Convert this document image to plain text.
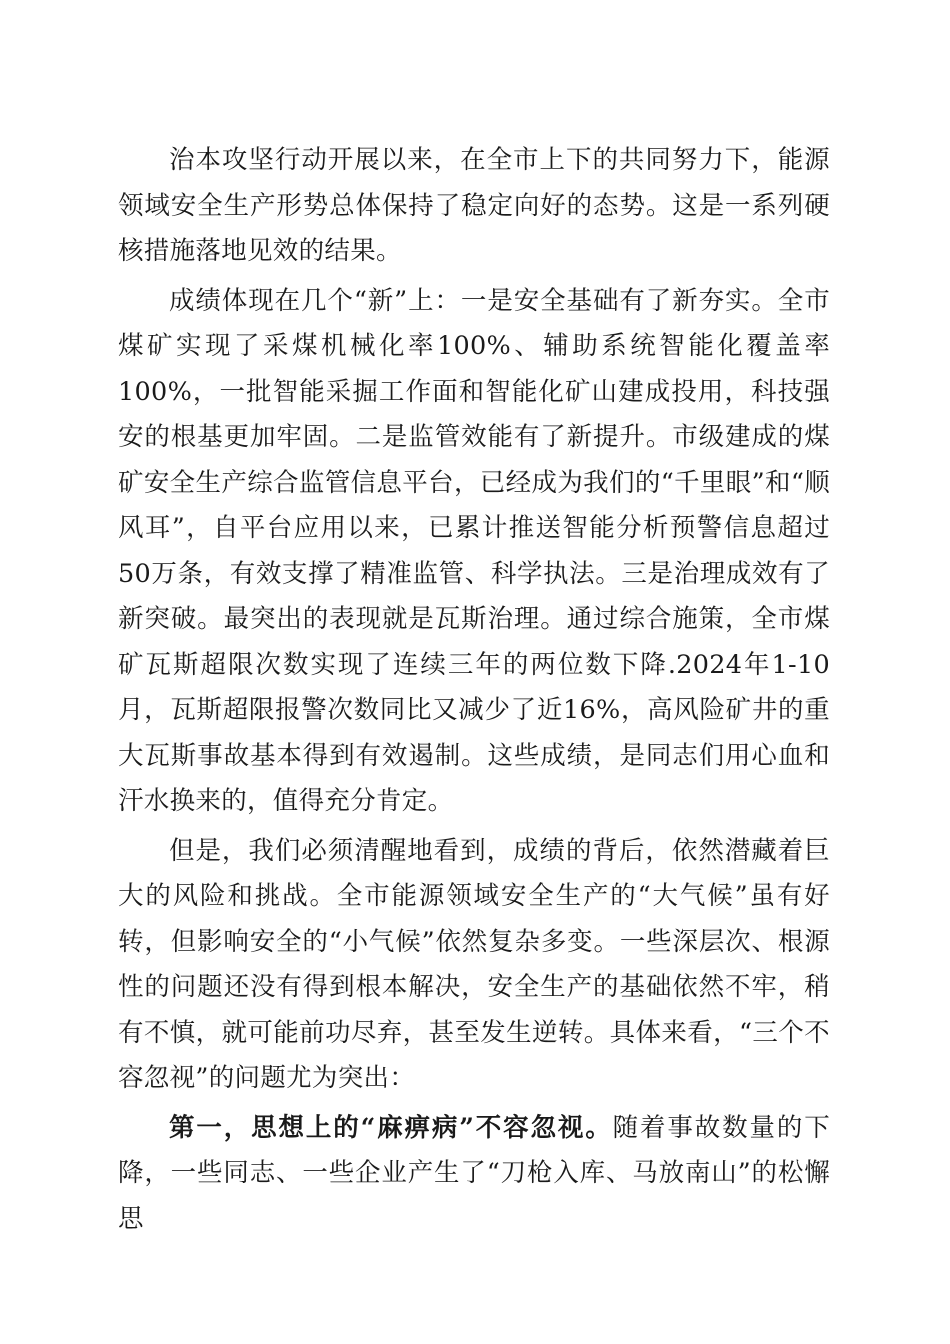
治本攻坚行动开展以来，在全市上下的共同努力下，能源领域安全生产形势总体保持了稳定向好的态势。这是一系列硬核措施落地见效的结果。

成绩体现在几个“新”上：一是安全基础有了新夯实。全市煤矿实现了采煤机械化率100%、辅助系统智能化覆盖率100%，一批智能采掘工作面和智能化矿山建成投用，科技强安的根基更加牢固。二是监管效能有了新提升。市级建成的煤矿安全生产综合监管信息平台，已经成为我们的“千里眼”和“顺风耳”，自平台应用以来，已累计推送智能分析预警信息超过50万条，有效支撑了精准监管、科学执法。三是治理成效有了新突破。最突出的表现就是瓦斯治理。通过综合施策，全市煤矿瓦斯超限次数实现了连续三年的两位数下降.2024年1-10月，瓦斯超限报警次数同比又减少了近16%，高风险矿井的重大瓦斯事故基本得到有效遏制。这些成绩，是同志们用心血和汗水换来的，值得充分肯定。

但是，我们必须清醒地看到，成绩的背后，依然潜藏着巨大的风险和挑战。全市能源领域安全生产的“大气候”虽有好转，但影响安全的“小气候”依然复杂多变。一些深层次、根源性的问题还没有得到根本解决，安全生产的基础依然不牢，稍有不慎，就可能前功尽弃，甚至发生逆转。具体来看，“三个不容忽视”的问题尤为突出：

第一，思想上的“麻痹病”不容忽视。随着事故数量的下降，一些同志、一些企业产生了“刀枪入库、马放南山”的松懈思
